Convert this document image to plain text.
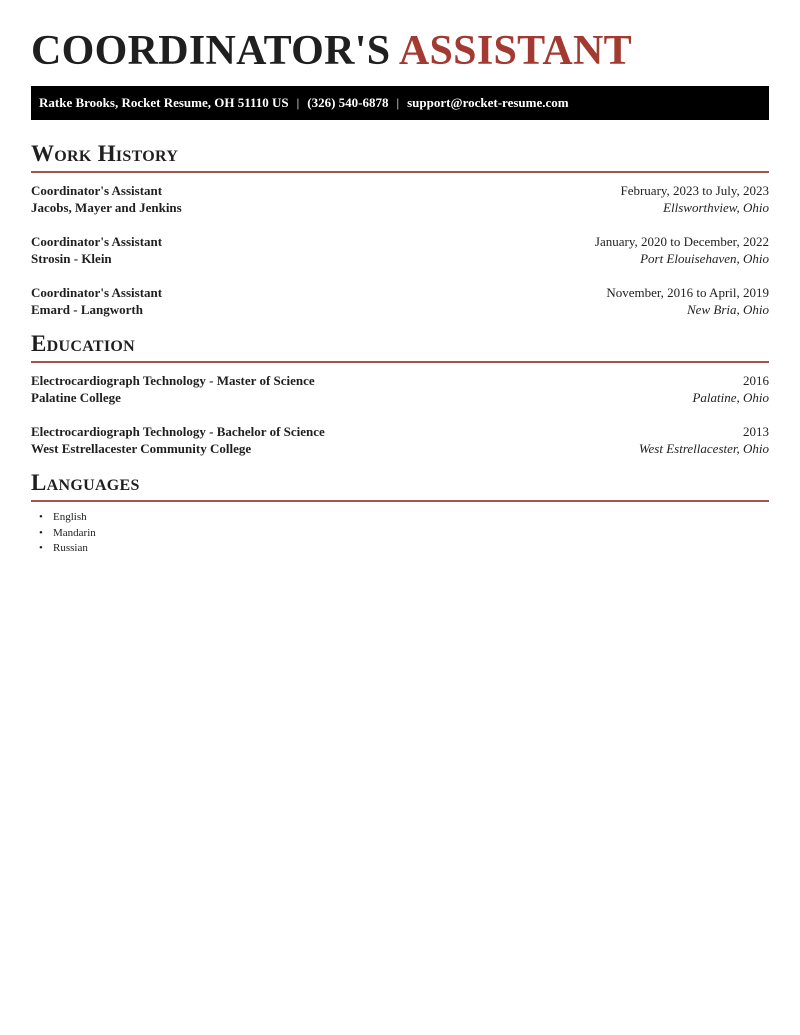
COORDINATOR'S ASSISTANT
Ratke Brooks, Rocket Resume, OH 51110 US | (326) 540-6878 | support@rocket-resume.com
Work History
Coordinator's Assistant	February, 2023 to July, 2023
Jacobs, Mayer and Jenkins	Ellsworthview, Ohio
Coordinator's Assistant	January, 2020 to December, 2022
Strosin - Klein	Port Elouisehaven, Ohio
Coordinator's Assistant	November, 2016 to April, 2019
Emard - Langworth	New Bria, Ohio
Education
Electrocardiograph Technology - Master of Science	2016
Palatine College	Palatine, Ohio
Electrocardiograph Technology - Bachelor of Science	2013
West Estrellacester Community College	West Estrellacester, Ohio
Languages
• English
• Mandarin
• Russian
